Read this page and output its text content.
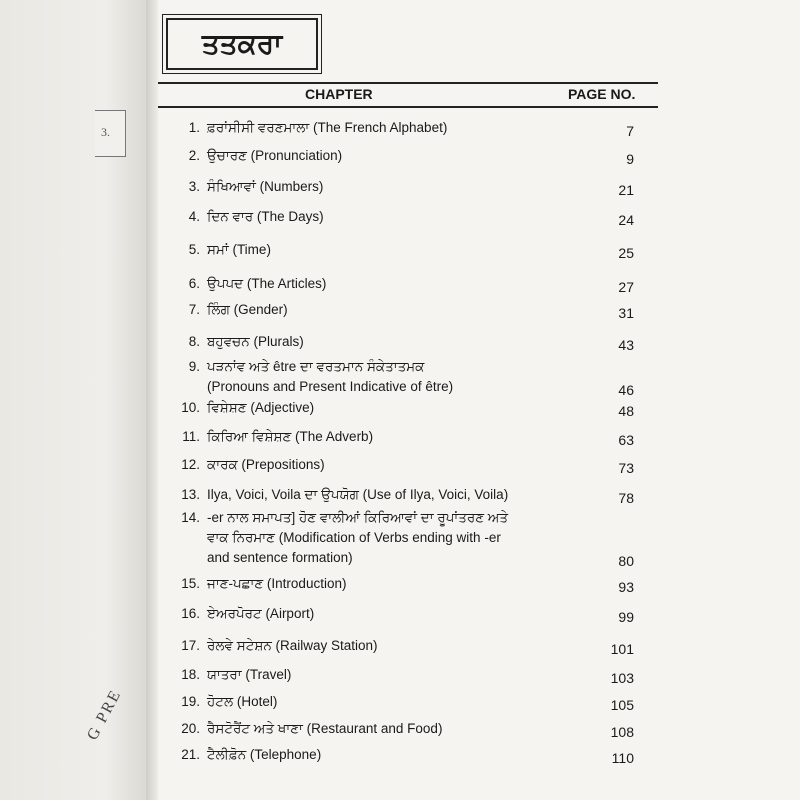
3.
G PRE
ਤਤਕਰਾ
CHAPTER	PAGE NO.
1. ਫ਼ਰਾਂਸੀਸੀ ਵਰਣਮਾਲਾ (The French Alphabet)	7
2. ਉਚਾਰਣ (Pronunciation)	9
3. ਸੰਖਿਆਵਾਂ (Numbers)	21
4. ਦਿਨ ਵਾਰ (The Days)	24
5. ਸਮਾਂ (Time)	25
6. ਉਪਪਦ (The Articles)	27
7. ਲਿੰਗ (Gender)	31
8. ਬਹੁਵਚਨ (Plurals)	43
9. ਪੜਨਾਂਵ ਅਤੇ être ਦਾ ਵਰਤਮਾਨ ਸੰਕੇਤਾਤਮਕ
(Pronouns and Present Indicative of être)	46
10. ਵਿਸ਼ੇਸ਼ਣ (Adjective)	48
11. ਕਿਰਿਆ ਵਿਸ਼ੇਸ਼ਣ (The Adverb)	63
12. ਕਾਰਕ (Prepositions)	73
13. Ilya, Voici, Voila ਦਾ ਉਪਯੋਗ (Use of Ilya, Voici, Voila)	78
14. -er ਨਾਲ ਸਮਾਪਤ] ਹੋਣ ਵਾਲੀਆਂ ਕਿਰਿਆਵਾਂ ਦਾ ਰੂਪਾਂਤਰਣ ਅਤੇ
ਵਾਕ ਨਿਰਮਾਣ (Modification of Verbs ending with -er
and sentence formation)	80
15. ਜਾਣ-ਪਛਾਣ (Introduction)	93
16. ਏਅਰਪੋਰਟ (Airport)	99
17. ਰੇਲਵੇ ਸਟੇਸ਼ਨ (Railway Station)	101
18. ਯਾਤਰਾ (Travel)	103
19. ਹੋਟਲ (Hotel)	105
20. ਰੈਸਟੋਰੈਂਟ ਅਤੇ ਖਾਣਾ (Restaurant and Food)	108
21. ਟੈਲੀਫ਼ੋਨ (Telephone)	110
